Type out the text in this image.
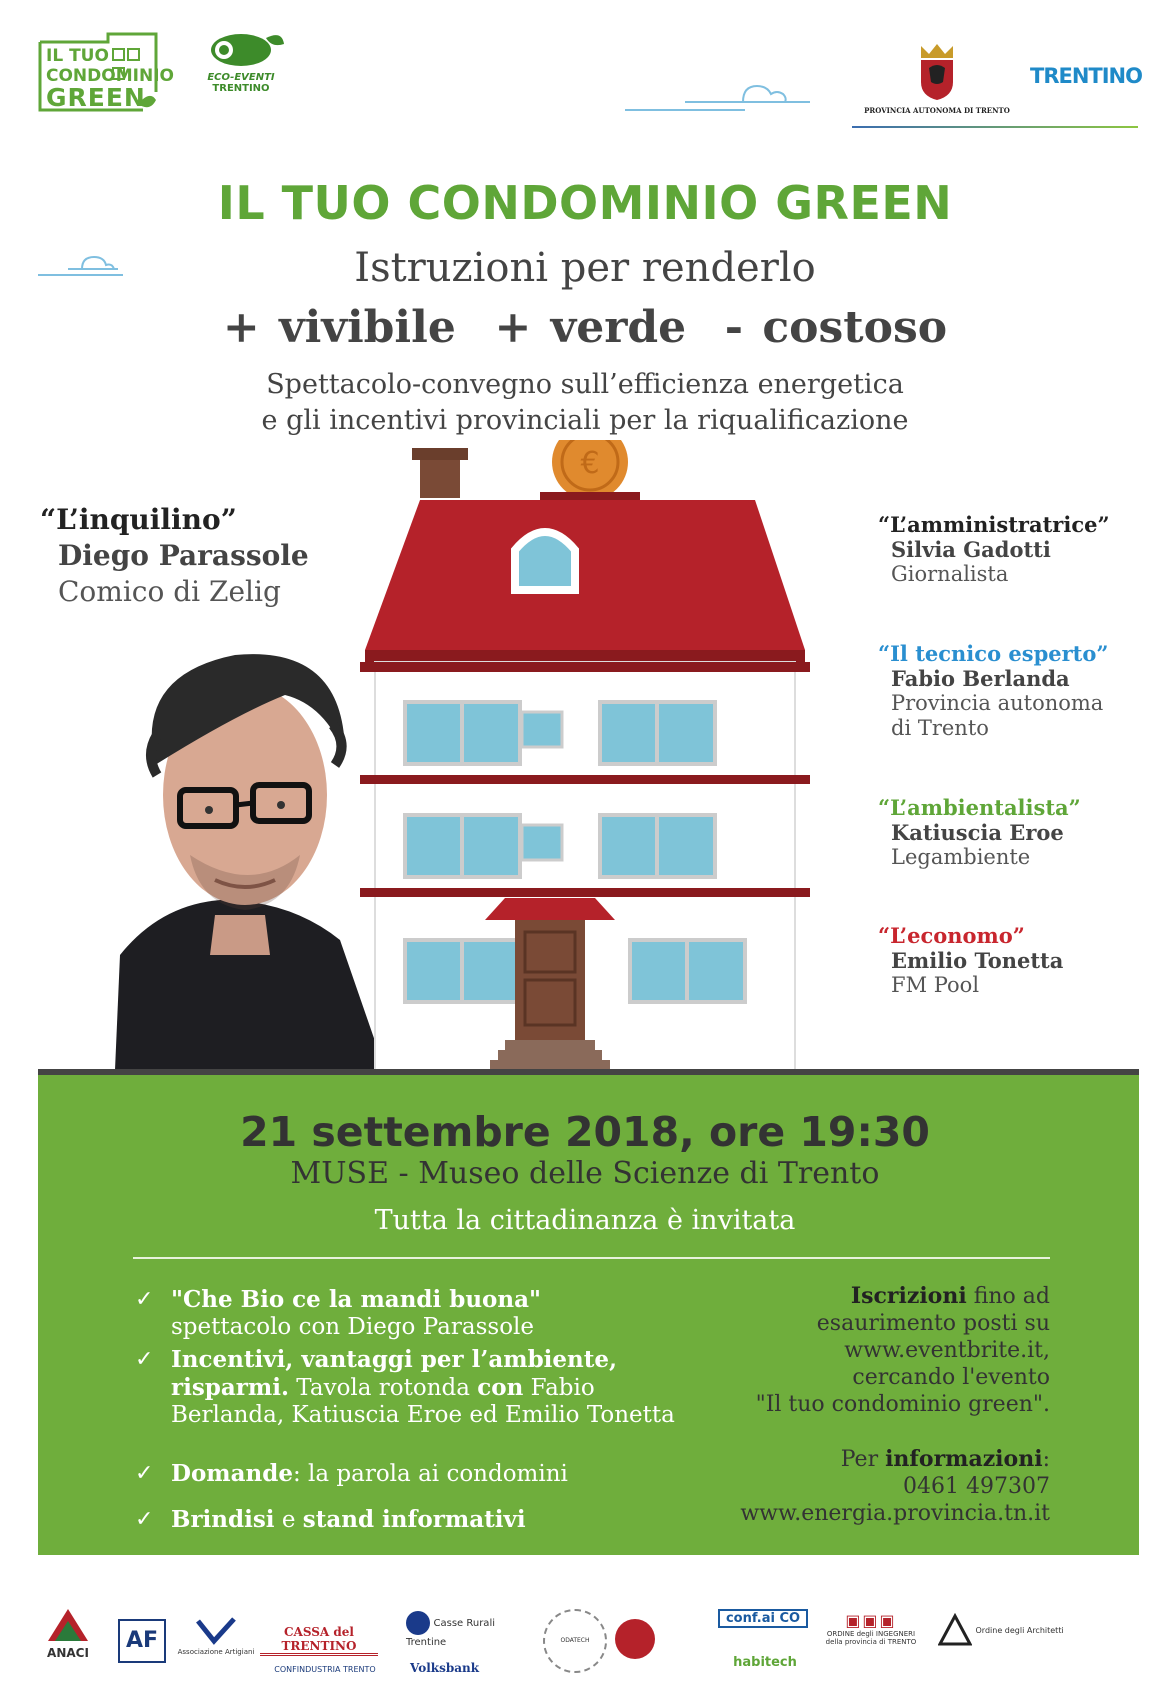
IL TUO
CONDOMINIO
GREEN
ECO-EVENTI
TRENTINO
PROVINCIA AUTONOMA DI TRENTO
TRENTINO
IL TUO CONDOMINIO GREEN
Istruzioni per renderlo
+ vivibile  + verde  - costoso
Spettacolo-convegno sull’efficienza energetica
e gli incentivi provinciali per la riqualificazione
“L’inquilino”
Diego Parassole
Comico di Zelig
€
“L’amministratrice”
Silvia Gadotti
Giornalista
“Il tecnico esperto”
Fabio Berlanda
Provincia autonoma
di Trento
“L’ambientalista”
Katiuscia Eroe
Legambiente
“L’economo”
Emilio Tonetta
FM Pool
21 settembre 2018, ore 19:30
MUSE - Museo delle Scienze di Trento
Tutta la cittadinanza è invitata
✓ "Che Bio ce la mandi buona"
spettacolo con Diego Parassole
✓ Incentivi, vantaggi per l’ambiente,
risparmi. Tavola rotonda con Fabio
Berlanda, Katiuscia Eroe ed Emilio Tonetta
✓ Domande: la parola ai condomini
✓ Brindisi e stand informativi
Iscrizioni fino ad
esaurimento posti su
www.eventbrite.it,
cercando l'evento
"Il tuo condominio green".
Per informazioni:
0461 497307
www.energia.provincia.tn.it
Crediti: Fabio Bastante
ANACI	AF	Associazione Artigiani
CASSA del TRENTINO
CONFINDUSTRIA TRENTO
Casse Rurali Trentine
Volksbank
ODATECH
conf.ai CO
habitech
▣▣▣
ORDINE degli INGEGNERI della provincia di TRENTO
Ordine degli Architetti
